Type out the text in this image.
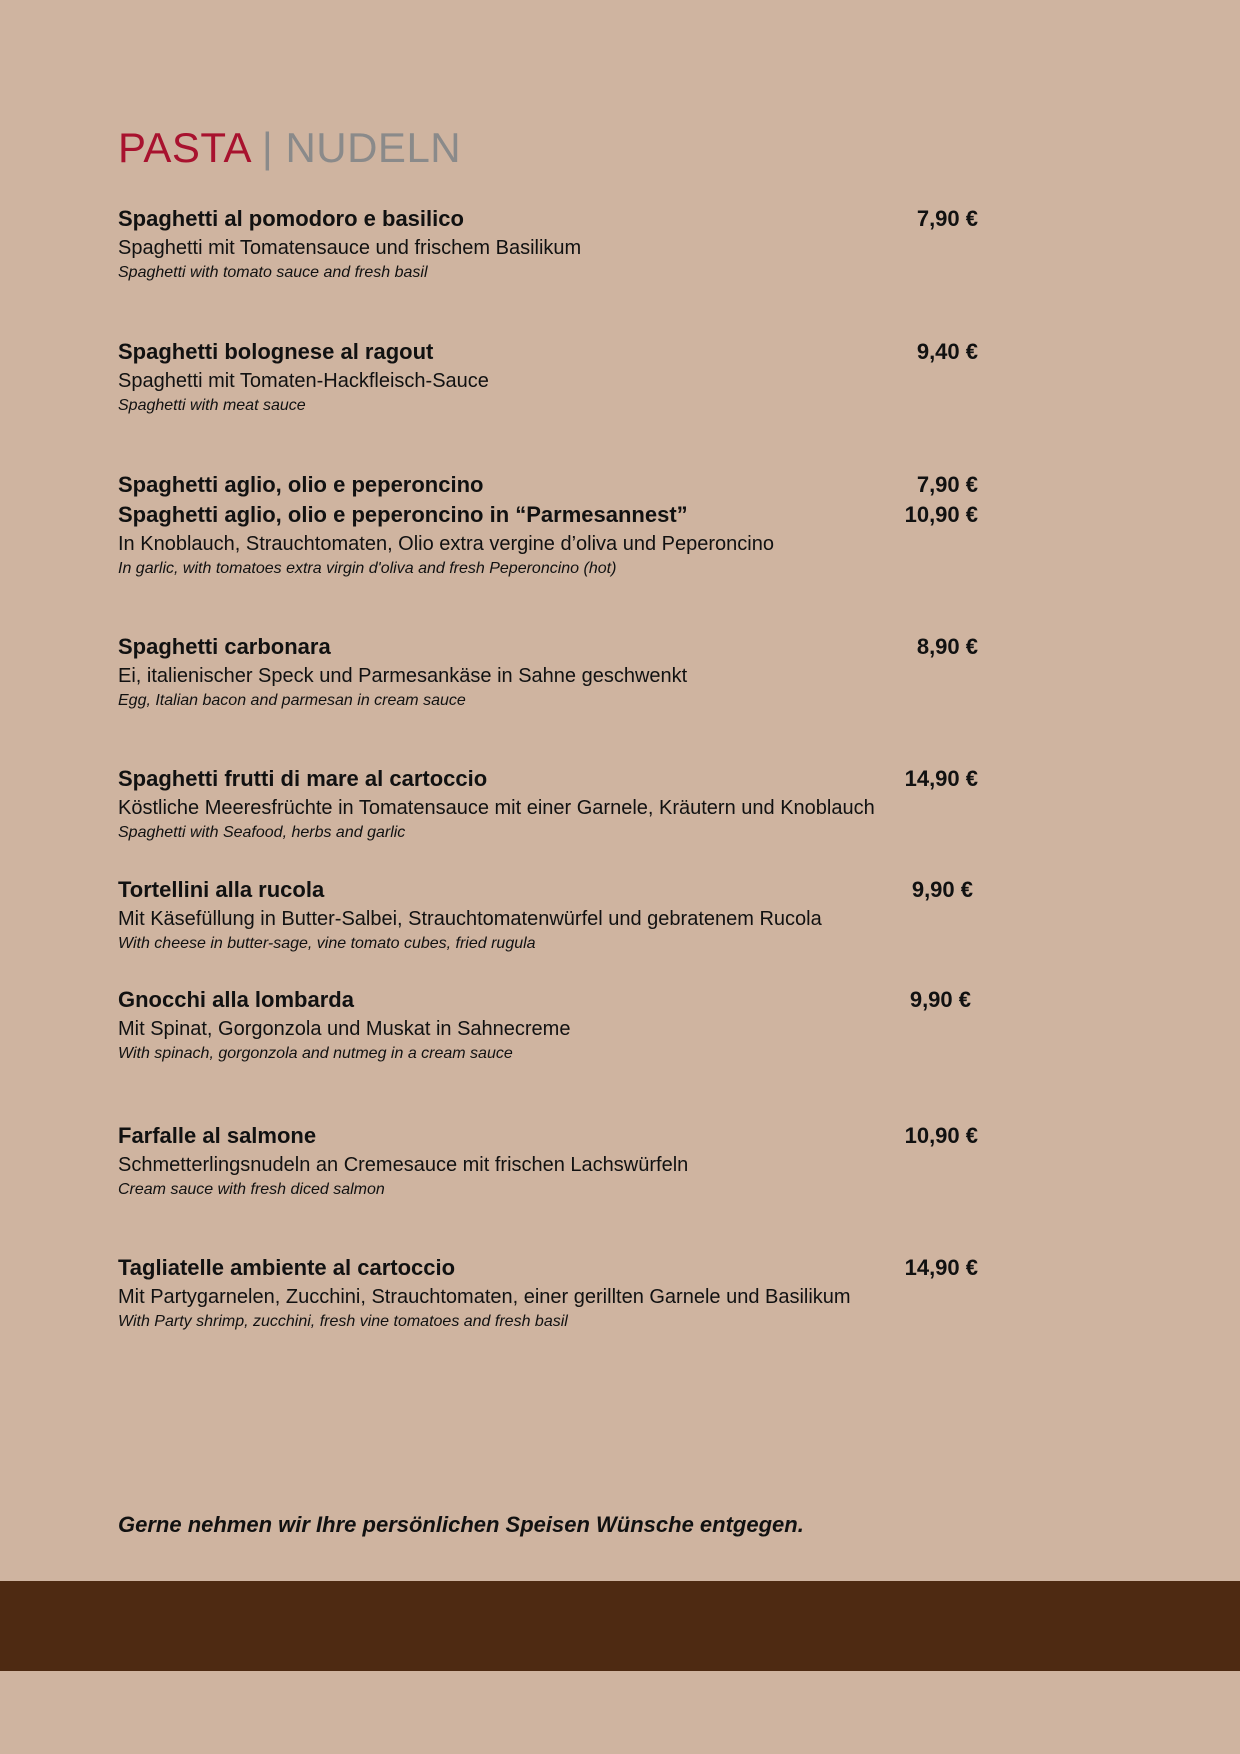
PASTA | NUDELN
Spaghetti al pomodoro e basilico	7,90 €
Spaghetti mit Tomatensauce und frischem Basilikum
Spaghetti with tomato sauce and fresh basil
Spaghetti bolognese al ragout	9,40 €
Spaghetti mit Tomaten-Hackfleisch-Sauce
Spaghetti with meat sauce
Spaghetti aglio, olio e peperoncino	7,90 €
Spaghetti aglio, olio e peperoncino in “Parmesannest”	10,90 €
In Knoblauch, Strauchtomaten, Olio extra vergine d’oliva und Peperoncino
In garlic, with tomatoes extra virgin d'oliva and fresh Peperoncino (hot)
Spaghetti carbonara	8,90 €
Ei, italienischer Speck und Parmesankäse in Sahne geschwenkt
Egg, Italian bacon and parmesan in cream sauce
Spaghetti frutti di mare al cartoccio	14,90 €
Köstliche Meeresfrüchte in Tomatensauce mit einer Garnele, Kräutern und Knoblauch
Spaghetti with Seafood, herbs and garlic
Tortellini alla rucola	9,90 €
Mit Käsefüllung in Butter-Salbei, Strauchtomatenwürfel und gebratenem Rucola
With cheese in butter-sage, vine tomato cubes, fried rugula
Gnocchi alla lombarda	9,90 €
Mit Spinat, Gorgonzola und Muskat in Sahnecreme
With spinach, gorgonzola and nutmeg in a cream sauce
Farfalle al salmone	10,90 €
Schmetterlingsnudeln an Cremesauce mit frischen Lachswürfeln
Cream sauce with fresh diced salmon
Tagliatelle ambiente al cartoccio	14,90 €
Mit Partygarnelen, Zucchini, Strauchtomaten, einer gerillten Garnele und Basilikum
With Party shrimp, zucchini, fresh vine tomatoes and fresh basil
Gerne nehmen wir Ihre persönlichen Speisen Wünsche entgegen.
